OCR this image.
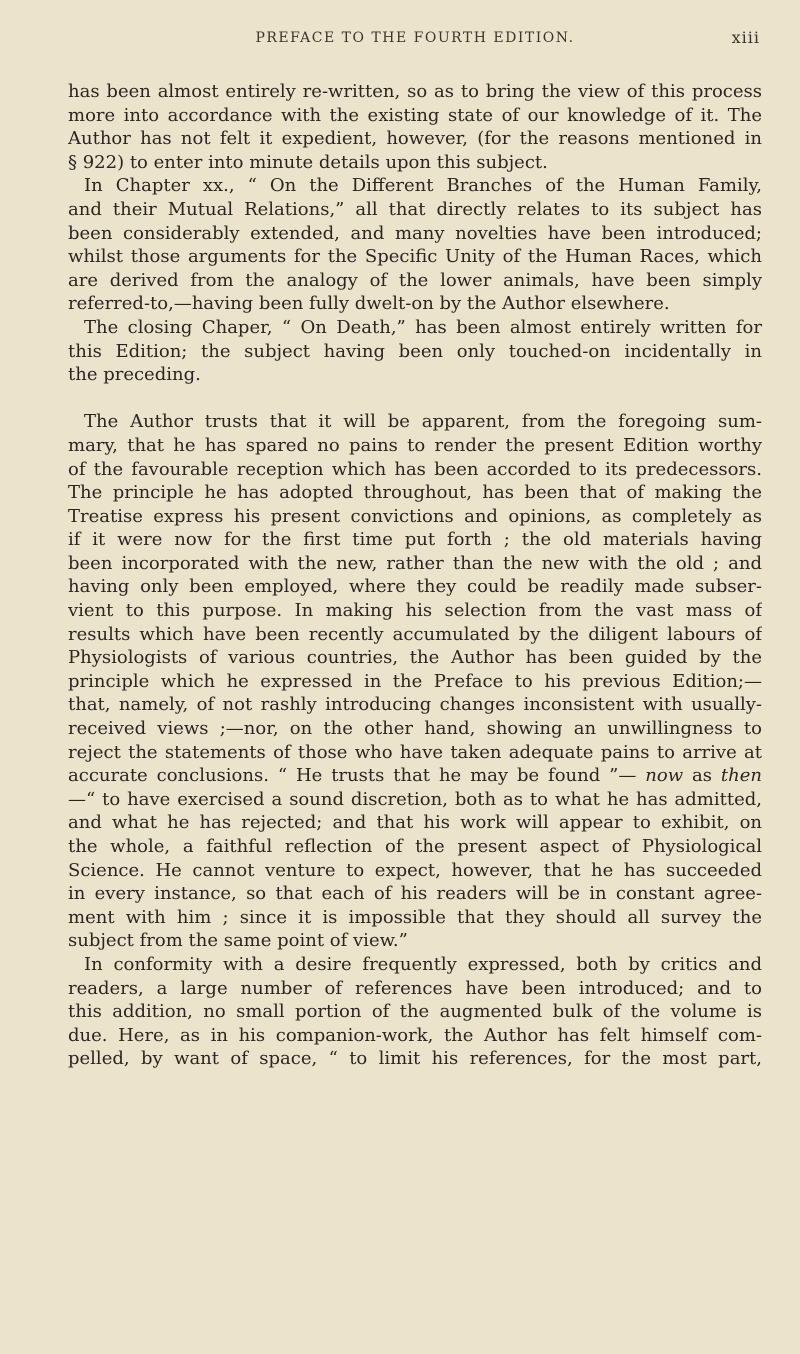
PREFACE TO THE FOURTH EDITION.	xiii
has been almost entirely re-written, so as to bring the view of this process
more into accordance with the existing state of our knowledge of it. The
Author has not felt it expedient, however, (for the reasons mentioned in
§ 922) to enter into minute details upon this subject.
In Chapter xx., “ On the Different Branches of the Human Family,
and their Mutual Relations,” all that directly relates to its subject has
been considerably extended, and many novelties have been introduced;
whilst those arguments for the Specific Unity of the Human Races, which
are derived from the analogy of the lower animals, have been simply
referred-to,—having been fully dwelt-on by the Author elsewhere.
The closing Chaper, “ On Death,” has been almost entirely written for
this Edition; the subject having been only touched-on incidentally in
the preceding.
The Author trusts that it will be apparent, from the foregoing sum-
mary, that he has spared no pains to render the present Edition worthy
of the favourable reception which has been accorded to its predecessors.
The principle he has adopted throughout, has been that of making the
Treatise express his present convictions and opinions, as completely as
if it were now for the first time put forth ; the old materials having
been incorporated with the new, rather than the new with the old ; and
having only been employed, where they could be readily made subser-
vient to this purpose. In making his selection from the vast mass of
results which have been recently accumulated by the diligent labours of
Physiologists of various countries, the Author has been guided by the
principle which he expressed in the Preface to his previous Edition;—
that, namely, of not rashly introducing changes inconsistent with usually-
received views ;—nor, on the other hand, showing an unwillingness to
reject the statements of those who have taken adequate pains to arrive at
accurate conclusions. “ He trusts that he may be found ”— now as then
—“ to have exercised a sound discretion, both as to what he has admitted,
and what he has rejected; and that his work will appear to exhibit, on
the whole, a faithful reflection of the present aspect of Physiological
Science. He cannot venture to expect, however, that he has succeeded
in every instance, so that each of his readers will be in constant agree-
ment with him ; since it is impossible that they should all survey the
subject from the same point of view.”
In conformity with a desire frequently expressed, both by critics and
readers, a large number of references have been introduced; and to
this addition, no small portion of the augmented bulk of the volume is
due. Here, as in his companion-work, the Author has felt himself com-
pelled, by want of space, “ to limit his references, for the most part,
